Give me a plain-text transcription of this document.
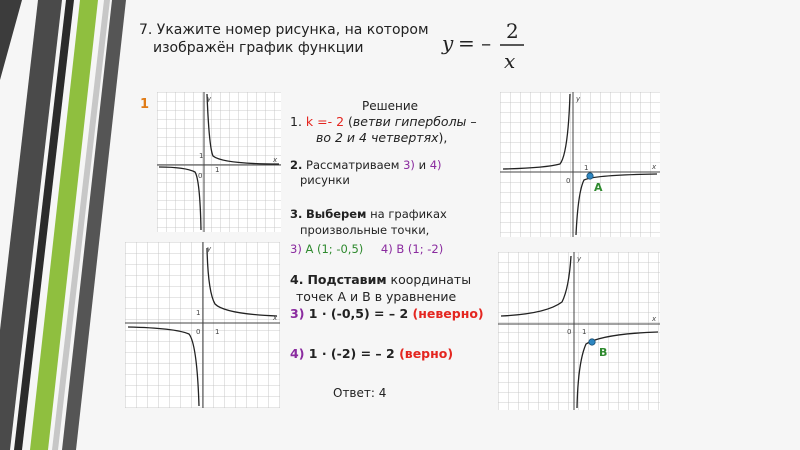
7. Укажите номер рисунка, на котором
изображён график функции	y = – 2
x
1
0
1
1	x
y
0 1
1
x
y
0
1	x
y
0 1
x
y
A
B
Решение
1. k =- 2 (ветви гиперболы –
во 2 и 4 четвертях),
2. Рассматриваем 3) и 4)
рисунки
3. Выберем на графиках
произвольные точки,
3) А (1; -0,5) 4) В (1; -2)
4. Подставим координаты
точек А и В в уравнение
3) 1 · (-0,5) = – 2 (неверно)
4) 1 · (-2) = – 2 (верно)
Ответ: 4
